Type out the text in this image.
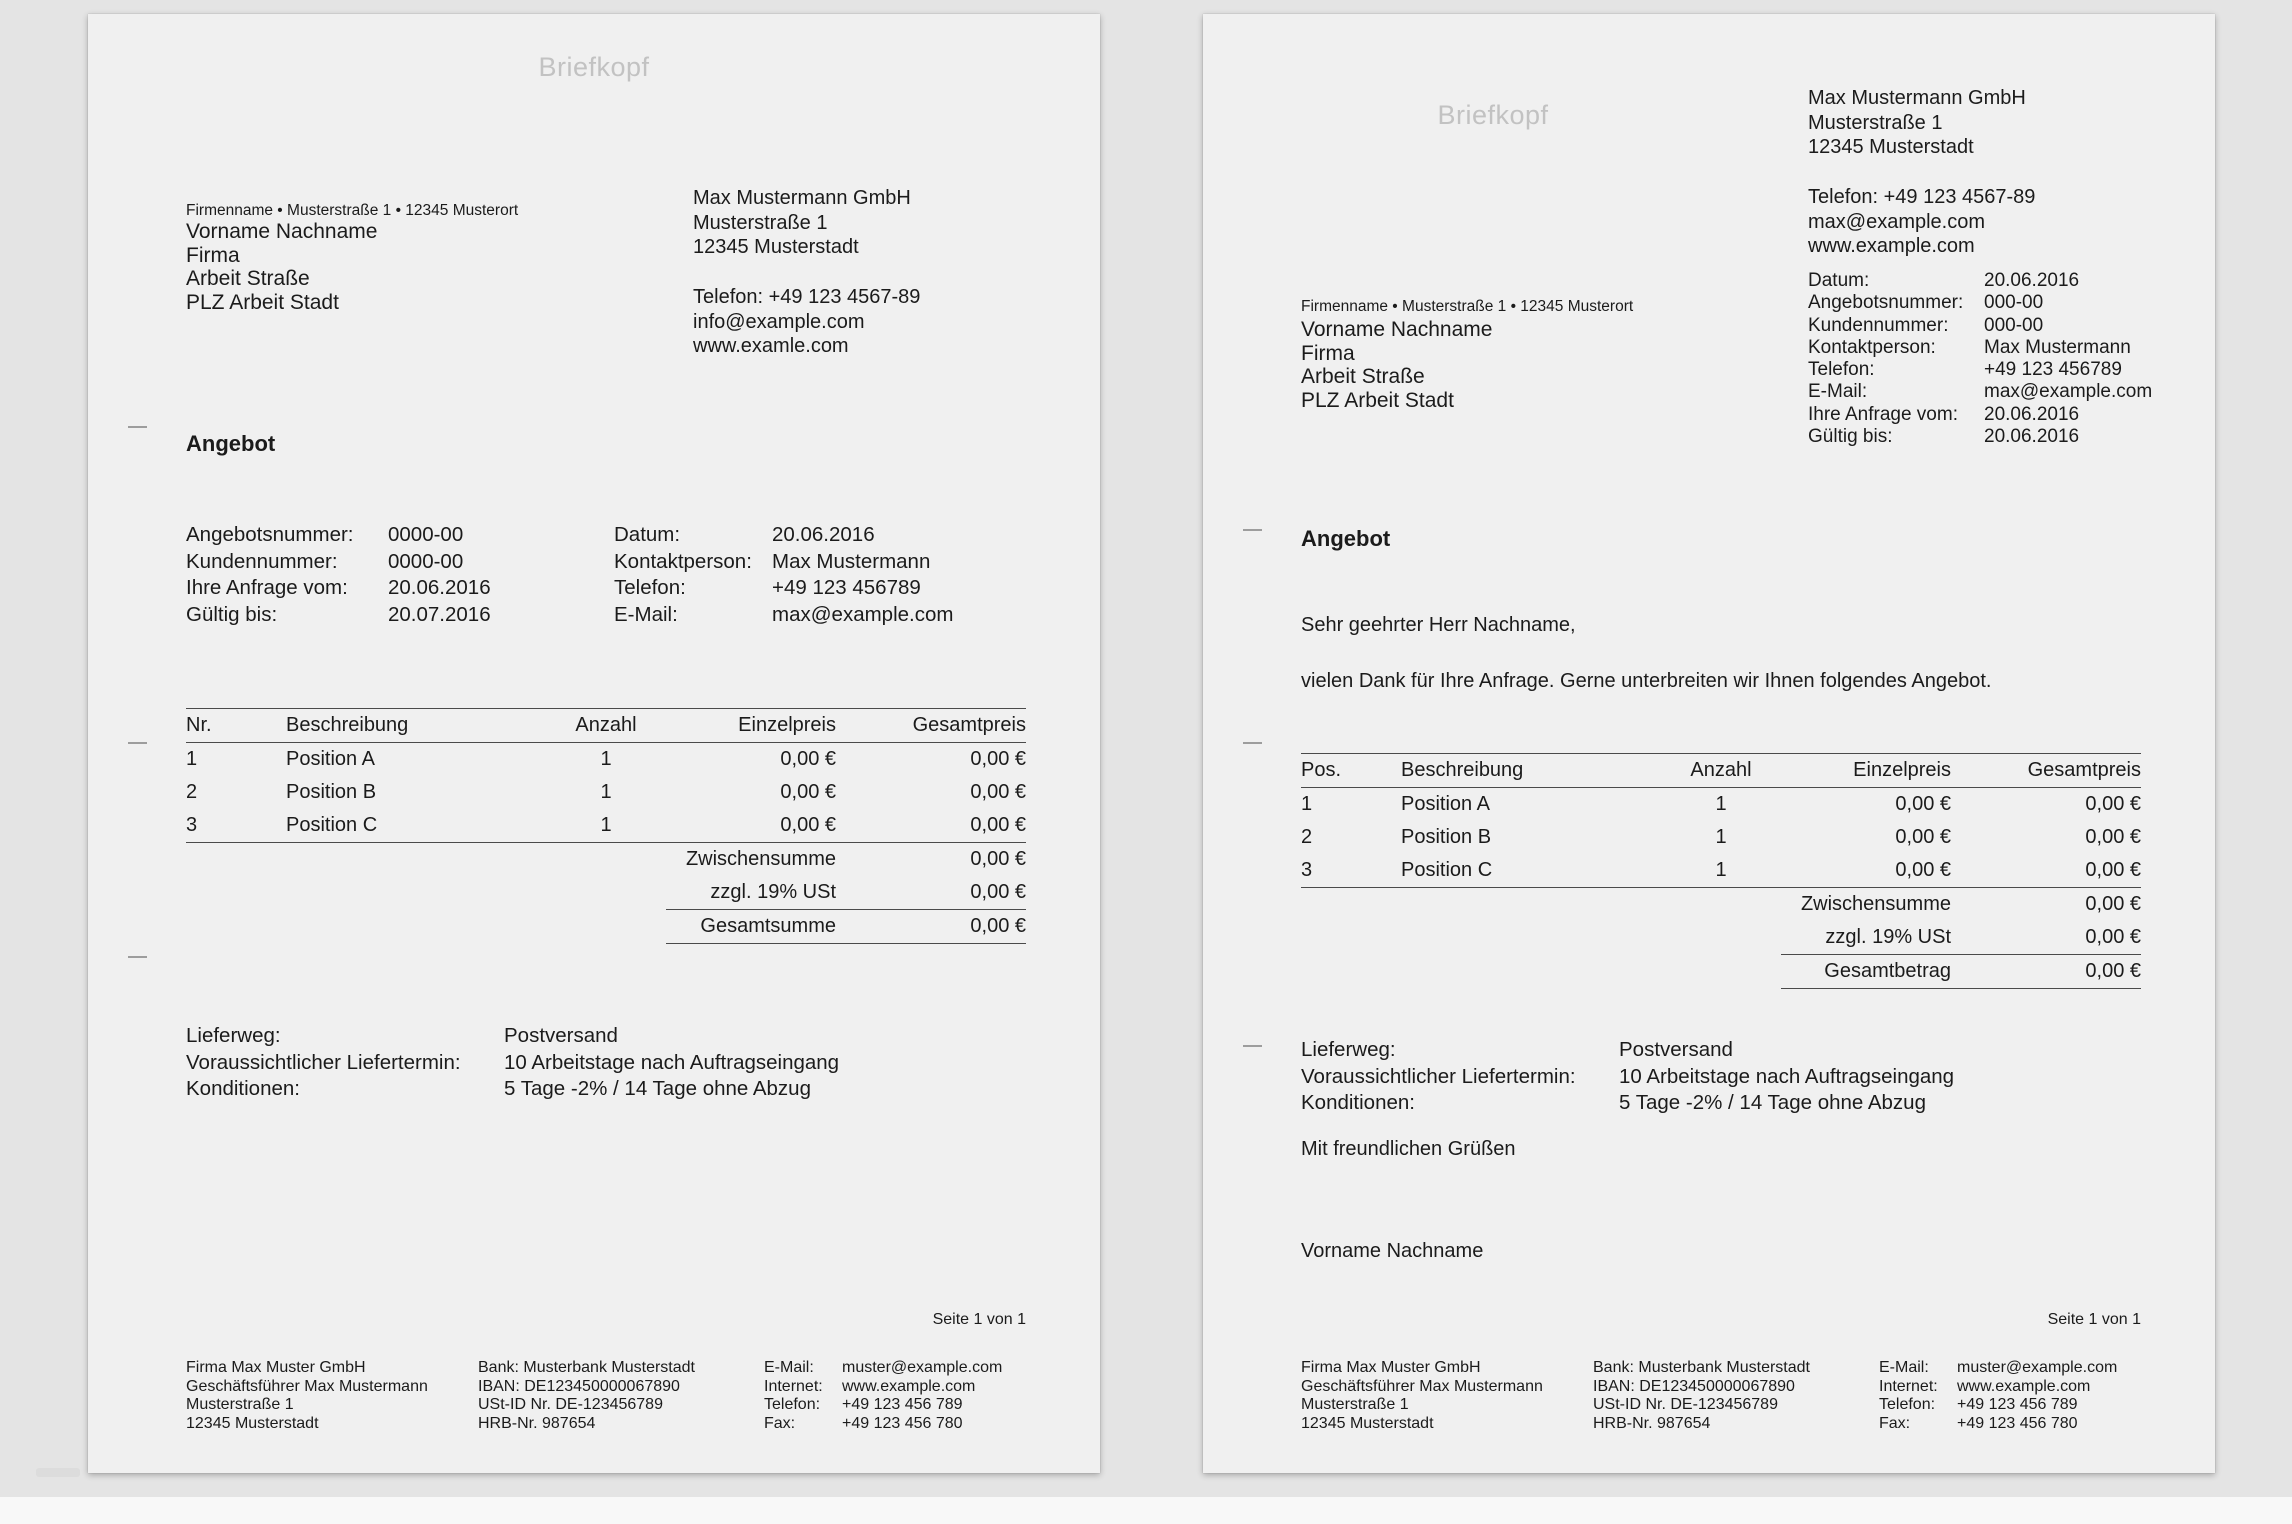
Briefkopf
Max Mustermann GmbH
Musterstraße 1
12345 Musterstadt
Telefon: +49 123 4567-89
info@example.com
www.examle.com
Firmenname • Musterstraße 1 • 12345 Musterort
Vorname Nachname
Firma
Arbeit Straße
PLZ Arbeit Stadt
Angebot
Angebotsnummer:	0000-00
Kundennummer:	0000-00
Ihre Anfrage vom:	20.06.2016
Gültig bis:	20.07.2016
Datum:	20.06.2016
Kontaktperson: Max Mustermann
Telefon:	+49 123 456789
E-Mail:	max@example.com
Nr.	Beschreibung	Anzahl	Einzelpreis	Gesamtpreis
1	Position A	1	0,00 €	0,00 €
2	Position B	1	0,00 €	0,00 €
3	Position C	1	0,00 €	0,00 €
			Zwischensumme	0,00 €
			zzgl. 19% USt	0,00 €
			Gesamtsumme	0,00 €
Lieferweg:	Postversand
Voraussichtlicher Liefertermin:	10 Arbeitstage nach Auftragseingang
Konditionen:	5 Tage -2% / 14 Tage ohne Abzug
Seite 1 von 1
Firma Max Muster GmbH
Geschäftsführer Max Mustermann
Musterstraße 1
12345 Musterstadt
Bank: Musterbank Musterstadt
IBAN: DE123450000067890
USt-ID Nr. DE-123456789
HRB-Nr. 987654
E-Mail:	muster@example.com
Internet:	www.example.com
Telefon:	+49 123 456 789
Fax:	+49 123 456 780
Briefkopf
Max Mustermann GmbH
Musterstraße 1
12345 Musterstadt
Telefon: +49 123 4567-89
max@example.com
www.example.com
Firmenname • Musterstraße 1 • 12345 Musterort
Vorname Nachname
Firma
Arbeit Straße
PLZ Arbeit Stadt
Datum:	20.06.2016
Angebotsnummer:	000-00
Kundennummer:	000-00
Kontaktperson:	Max Mustermann
Telefon:	+49 123 456789
E-Mail:	max@example.com
Ihre Anfrage vom:	20.06.2016
Gültig bis:	20.06.2016
Angebot
Sehr geehrter Herr Nachname,
vielen Dank für Ihre Anfrage. Gerne unterbreiten wir Ihnen folgendes Angebot.
Pos.	Beschreibung	Anzahl	Einzelpreis	Gesamtpreis
1	Position A	1	0,00 €	0,00 €
2	Position B	1	0,00 €	0,00 €
3	Position C	1	0,00 €	0,00 €
			Zwischensumme	0,00 €
			zzgl. 19% USt	0,00 €
			Gesamtbetrag	0,00 €
Lieferweg:	Postversand
Voraussichtlicher Liefertermin:	10 Arbeitstage nach Auftragseingang
Konditionen:	5 Tage -2% / 14 Tage ohne Abzug
Mit freundlichen Grüßen
Vorname Nachname
Seite 1 von 1
Firma Max Muster GmbH
Geschäftsführer Max Mustermann
Musterstraße 1
12345 Musterstadt
Bank: Musterbank Musterstadt
IBAN: DE123450000067890
USt-ID Nr. DE-123456789
HRB-Nr. 987654
E-Mail:	muster@example.com
Internet:	www.example.com
Telefon:	+49 123 456 789
Fax:	+49 123 456 780
